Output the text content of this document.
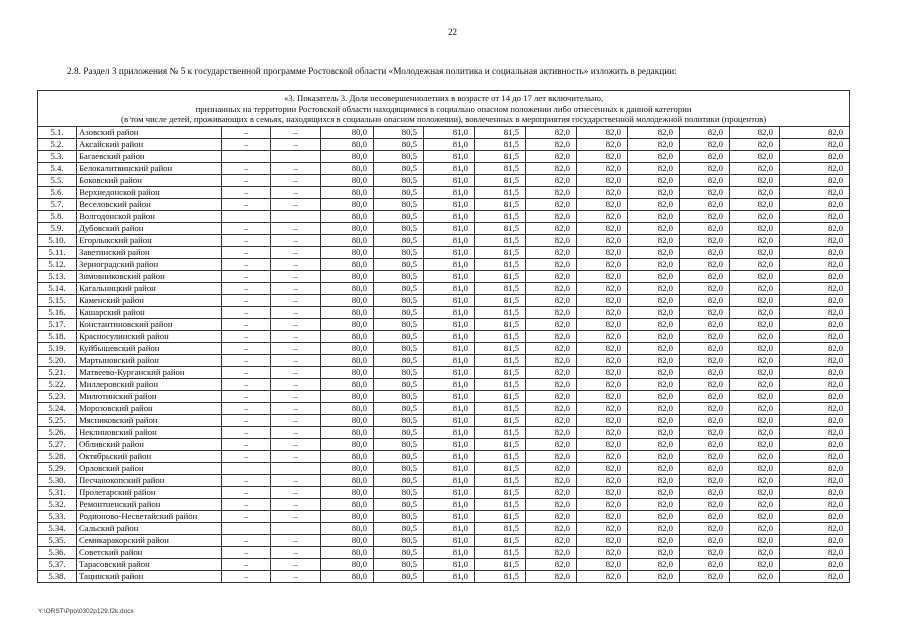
22
2.8. Раздел 3 приложения № 5 к государственной программе Ростовской области «Молодежная политика и социальная активность» изложить в редакции:
«3. Показатель 3. Доля несовершеннолетних в возрасте от 14 до 17 лет включительно,
признанных на территории Ростовской области находящимися в социально опасном положении либо отнесенных к данной категории
(в том числе детей, проживающих в семьях, находящихся в социально опасном положении), вовлеченных в мероприятия государственной молодежной политики (процентов)													

5.1.	Азовский район	–	–	80,0	80,5	81,0	81,5	82,0	82,0	82,0	82,0	82,0	82,0
5.2.	Аксайский район	–	–	80,0	80,5	81,0	81,5	82,0	82,0	82,0	82,0	82,0	82,0
5.3.	Багаевский район			80,0	80,5	81,0	81,5	82,0	82,0	82,0	82,0	82,0	82,0
5.4.	Белокалитвинский район	–	–	80,0	80,5	81,0	81,5	82,0	82,0	82,0	82,0	82,0	82,0
5.5.	Боковский район	–	–	80,0	80,5	81,0	81,5	82,0	82,0	82,0	82,0	82,0	82,0
5.6.	Верхнедонской район	–	–	80,0	80,5	81,0	81,5	82,0	82,0	82,0	82,0	82,0	82,0
5.7.	Веселовский район	–	–	80,0	80,5	81,0	81,5	82,0	82,0	82,0	82,0	82,0	82,0
5.8.	Волгодонской район			80,0	80,5	81,0	81,5	82,0	82,0	82,0	82,0	82,0	82,0
5.9.	Дубовский район	–	–	80,0	80,5	81,0	81,5	82,0	82,0	82,0	82,0	82,0	82,0
5.10.	Егорлыкский район	–	–	80,0	80,5	81,0	81,5	82,0	82,0	82,0	82,0	82,0	82,0
5.11.	Заветинский район	–	–	80,0	80,5	81,0	81,5	82,0	82,0	82,0	82,0	82,0	82,0
5.12.	Зерноградский район	–	–	80,0	80,5	81,0	81,5	82,0	82,0	82,0	82,0	82,0	82,0
5.13.	Зимовниковский район	–	–	80,0	80,5	81,0	81,5	82,0	82,0	82,0	82,0	82,0	82,0
5.14.	Кагальницкий район	–	–	80,0	80,5	81,0	81,5	82,0	82,0	82,0	82,0	82,0	82,0
5.15.	Каменский район	–	–	80,0	80,5	81,0	81,5	82,0	82,0	82,0	82,0	82,0	82,0
5.16.	Кашарский район	–	–	80,0	80,5	81,0	81,5	82,0	82,0	82,0	82,0	82,0	82,0
5.17.	Константиновский район	–	–	80,0	80,5	81,0	81,5	82,0	82,0	82,0	82,0	82,0	82,0
5.18.	Красносулинский район	–	–	80,0	80,5	81,0	81,5	82,0	82,0	82,0	82,0	82,0	82,0
5.19.	Куйбышевский район	–	–	80,0	80,5	81,0	81,5	82,0	82,0	82,0	82,0	82,0	82,0
5.20.	Мартыновский район	–	–	80,0	80,5	81,0	81,5	82,0	82,0	82,0	82,0	82,0	82,0
5.21.	Матвеево-Курганский район	–	–	80,0	80,5	81,0	81,5	82,0	82,0	82,0	82,0	82,0	82,0
5.22.	Миллеровский район	–	–	80,0	80,5	81,0	81,5	82,0	82,0	82,0	82,0	82,0	82,0
5.23.	Милютинский район	–	–	80,0	80,5	81,0	81,5	82,0	82,0	82,0	82,0	82,0	82,0
5.24.	Морозовский район	–	–	80,0	80,5	81,0	81,5	82,0	82,0	82,0	82,0	82,0	82,0
5.25.	Мясниковский район	–	–	80,0	80,5	81,0	81,5	82,0	82,0	82,0	82,0	82,0	82,0
5.26.	Неклиновский район	–	–	80,0	80,5	81,0	81,5	82,0	82,0	82,0	82,0	82,0	82,0
5.27.	Обливский район	–	–	80,0	80,5	81,0	81,5	82,0	82,0	82,0	82,0	82,0	82,0
5.28.	Октябрьский район	–	–	80,0	80,5	81,0	81,5	82,0	82,0	82,0	82,0	82,0	82,0
5.29.	Орловский район			80,0	80,5	81,0	81,5	82,0	82,0	82,0	82,0	82,0	82,0
5.30.	Песчанокопский район	–	–	80,0	80,5	81,0	81,5	82,0	82,0	82,0	82,0	82,0	82,0
5.31.	Пролетарский район	–	–	80,0	80,5	81,0	81,5	82,0	82,0	82,0	82,0	82,0	82,0
5.32.	Ремонтненский район	–	–	80,0	80,5	81,0	81,5	82,0	82,0	82,0	82,0	82,0	82,0
5.33.	Родионово-Несветайский район	–	–	80,0	80,5	81,0	81,5	82,0	82,0	82,0	82,0	82,0	82,0
5.34.	Сальский район			80,0	80,5	81,0	81,5	82,0	82,0	82,0	82,0	82,0	82,0
5.35.	Семикаракорский район	–	–	80,0	80,5	81,0	81,5	82,0	82,0	82,0	82,0	82,0	82,0
5.36.	Советский район	–	–	80,0	80,5	81,0	81,5	82,0	82,0	82,0	82,0	82,0	82,0
5.37.	Тарасовский район	–	–	80,0	80,5	81,0	81,5	82,0	82,0	82,0	82,0	82,0	82,0
5.38.	Тацинский район	–	–	80,0	80,5	81,0	81,5	82,0	82,0	82,0	82,0	82,0	82,0
Y:\ORST\Ppo\0302p129.f2k.docx
